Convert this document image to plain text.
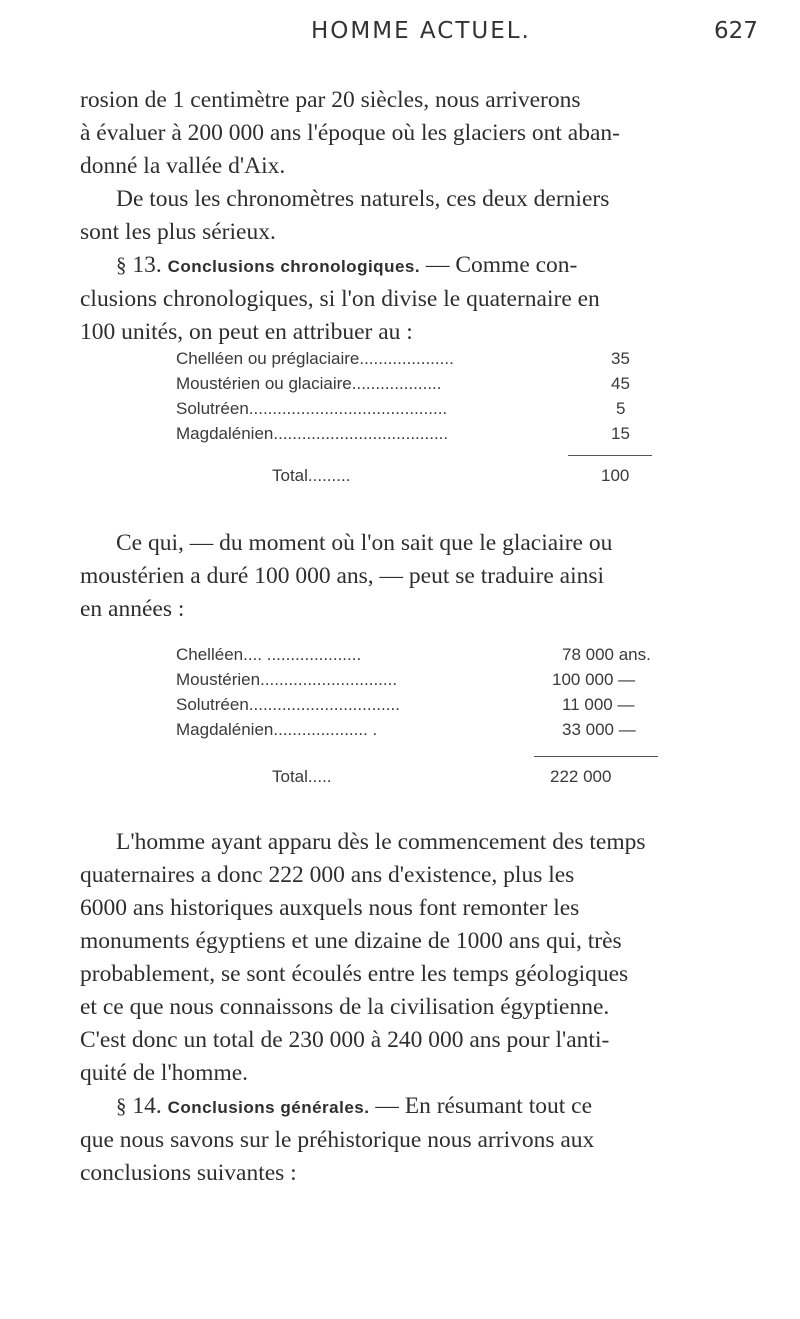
HOMME ACTUEL.	627
rosion de 1 centimètre par 20 siècles, nous arriverons
à évaluer à 200 000 ans l'époque où les glaciers ont aban-
donné la vallée d'Aix.
De tous les chronomètres naturels, ces deux derniers
sont les plus sérieux.
§ 13. Conclusions chronologiques. — Comme con-
clusions chronologiques, si l'on divise le quaternaire en
100 unités, on peut en attribuer au :
Chelléen ou préglaciaire....................	35
Moustérien ou glaciaire...................	45
Solutréen..........................................	5
Magdalénien.....................................	15
Total.........	100
Ce qui, — du moment où l'on sait que le glaciaire ou
moustérien a duré 100 000 ans, — peut se traduire ainsi
en années :
Chelléen.... ....................	78 000 ans.
Moustérien.............................	100 000 —
Solutréen................................	11 000 —
Magdalénien.................... .	33 000 —
Total.....	222 000
L'homme ayant apparu dès le commencement des temps
quaternaires a donc 222 000 ans d'existence, plus les
6000 ans historiques auxquels nous font remonter les
monuments égyptiens et une dizaine de 1000 ans qui, très
probablement, se sont écoulés entre les temps géologiques
et ce que nous connaissons de la civilisation égyptienne.
C'est donc un total de 230 000 à 240 000 ans pour l'anti-
quité de l'homme.
§ 14. Conclusions générales. — En résumant tout ce
que nous savons sur le préhistorique nous arrivons aux
conclusions suivantes :
